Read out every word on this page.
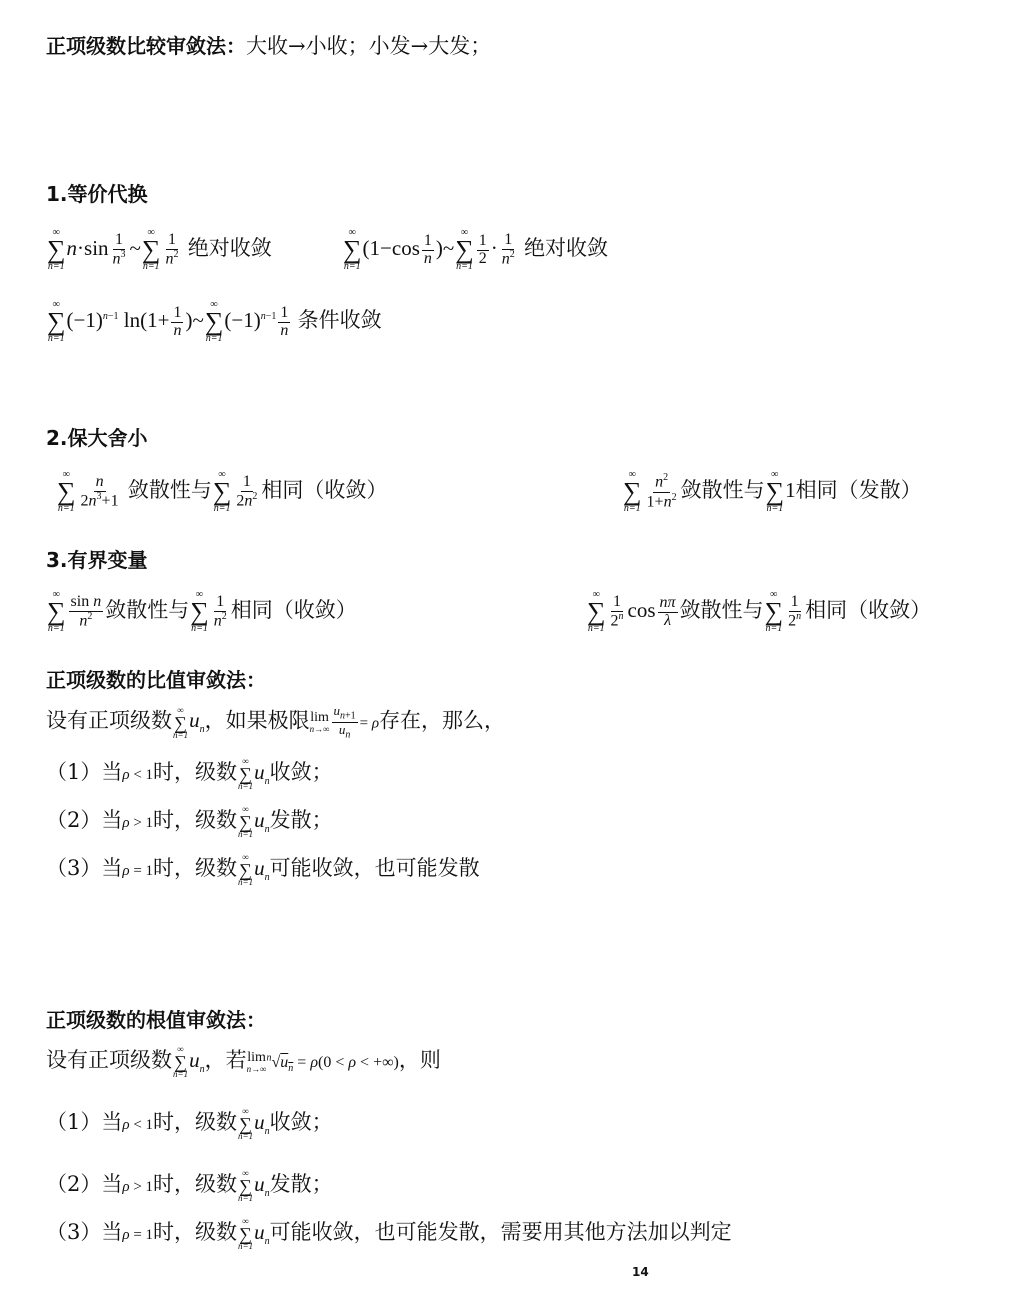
正项级数比较审敛法：大收→小收；小发→大发；
1.等价代换
∞
∑
n=1
$n\cdot\sin \frac{1}{n^3}$ ~
∞
∑
$n=1 \frac{1}{n^2}$ 绝对收敛
∞
∑
n=1
($1-\cos \frac{1}{n}$ )~
∞
∑
$n=1 \frac{1}{2} \cdot \frac{1}{n^2}$ 绝对收敛
∞
∑
n=1
$(-1)^{n-1}$ $\ln(1+ \frac{1}{n}$ )~
∞
∑
n=1
$(-1)^{n-1} \frac{1}{n}$ 条件收敛
2.保大舍小
∞
∑
$n=1 \frac{n}{2n^3+1}$ 敛散性与
∞
∑
$n=1 \frac{1}{2n^2}$ 相同（收敛）
∞
∑
$n=1 \frac{n^2}{1+n^2}$ 敛散性与
∞
∑
n=1
1相同（发散）
3.有界变量
∞
∑
$n=1 \frac{\text{sin n}}{n^2}$ 敛散性与
∞
∑
$n=1 \frac{1}{n^2}$ 相同（收敛）
∞
∑
$n=1 \frac{1}{2^n}$ $\cos \frac{n\pi}{\lambda}$ 敛散性与
∞
∑
$n=1 \frac{1}{2^n}$ 相同（收敛）
正项级数的比值审敛法：
设有正项级数 ∞
∑
n=1
$u_n$，如果极限lim
$n\to\infty \frac{u_{n+1}}{u_n} = \rho$存在，那么，
（1）当ρ < 1时，级数 ∞
∑
n=1
$u_n$收敛；
（2）当ρ > 1时，级数 ∞
∑
n=1
$u_n$发散；
（3）当ρ = 1时，级数 ∞
∑
n=1
$u_n$可能收敛，也可能发散
正项级数的根值审敛法：
设有正项级数 ∞
∑
n=1
$u_n$，若lim
n→∞
$^n√u_n = \rho(0 < \rho$ < +∞)，则
（1）当ρ < 1时，级数 ∞
∑
n=1
$u_n$收敛；
（2）当ρ > 1时，级数 ∞
∑
n=1
$u_n$发散；
（3）当ρ = 1时，级数 ∞
∑
n=1
$u_n$可能收敛，也可能发散，需要用其他方法加以判定
14
